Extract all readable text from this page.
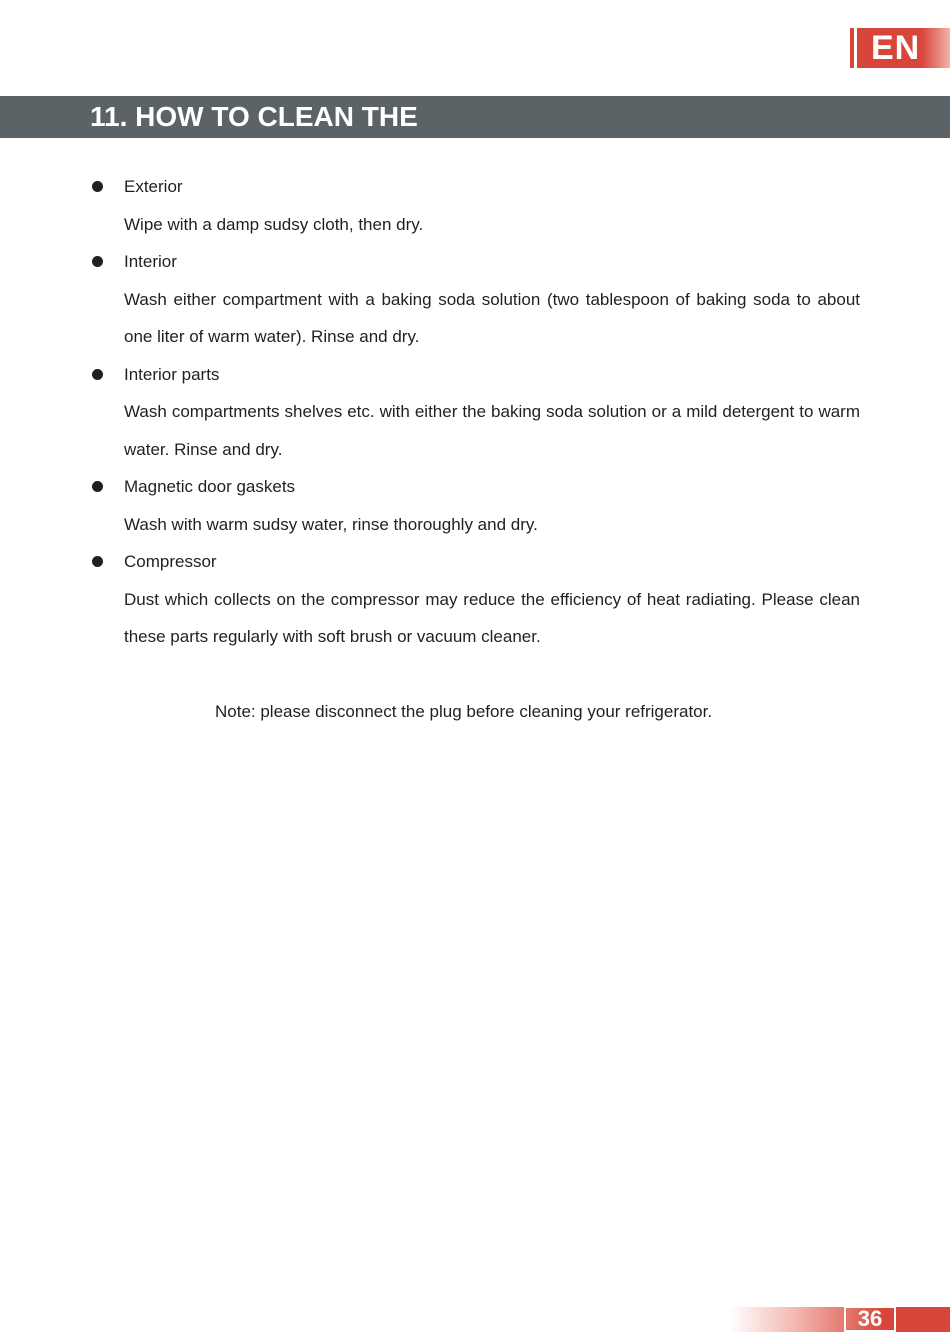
EN
11. HOW TO CLEAN THE
Exterior
Wipe with a damp sudsy cloth, then dry.
Interior
Wash either compartment with a baking soda solution (two tablespoon of baking soda to about one liter of warm water). Rinse and dry.
Interior parts
Wash compartments shelves etc. with either the baking soda solution or a mild detergent to warm water. Rinse and dry.
Magnetic door gaskets
Wash with warm sudsy water, rinse thoroughly and dry.
Compressor
Dust which collects on the compressor may reduce the efficiency of heat radiating. Please clean these parts regularly with soft brush or vacuum cleaner.
Note: please disconnect the plug before cleaning your refrigerator.
36
